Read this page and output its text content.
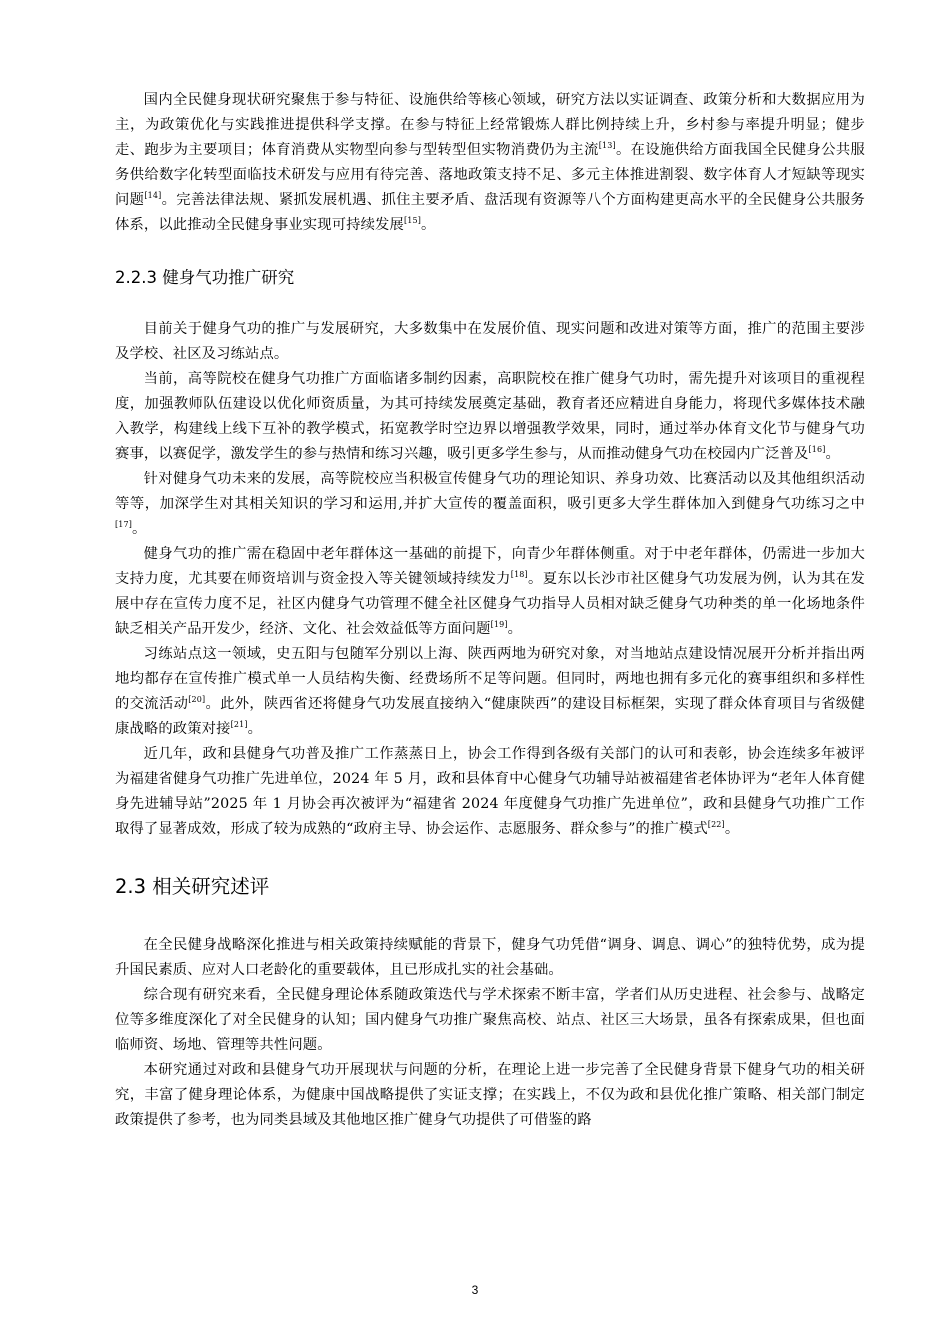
国内全民健身现状研究聚焦于参与特征、设施供给等核心领域，研究方法以实证调查、政策分析和大数据应用为主，为政策优化与实践推进提供科学支撑。在参与特征上经常锻炼人群比例持续上升，乡村参与率提升明显；健步走、跑步为主要项目；体育消费从实物型向参与型转型但实物消费仍为主流[13]。在设施供给方面我国全民健身公共服务供给数字化转型面临技术研发与应用有待完善、落地政策支持不足、多元主体推进割裂、数字体育人才短缺等现实问题[14]。完善法律法规、紧抓发展机遇、抓住主要矛盾、盘活现有资源等八个方面构建更高水平的全民健身公共服务体系，以此推动全民健身事业实现可持续发展[15]。

2.2.3 健身气功推广研究

目前关于健身气功的推广与发展研究，大多数集中在发展价值、现实问题和改进对策等方面，推广的范围主要涉及学校、社区及习练站点。

当前，高等院校在健身气功推广方面临诸多制约因素，高职院校在推广健身气功时，需先提升对该项目的重视程度，加强教师队伍建设以优化师资质量，为其可持续发展奠定基础，教育者还应精进自身能力，将现代多媒体技术融入教学，构建线上线下互补的教学模式，拓宽教学时空边界以增强教学效果，同时，通过举办体育文化节与健身气功赛事，以赛促学，激发学生的参与热情和练习兴趣，吸引更多学生参与，从而推动健身气功在校园内广泛普及[16]。

针对健身气功未来的发展，高等院校应当积极宣传健身气功的理论知识、养身功效、比赛活动以及其他组织活动等等，加深学生对其相关知识的学习和运用,并扩大宣传的覆盖面积，吸引更多大学生群体加入到健身气功练习之中[17]。

健身气功的推广需在稳固中老年群体这一基础的前提下，向青少年群体侧重。对于中老年群体，仍需进一步加大支持力度，尤其要在师资培训与资金投入等关键领域持续发力[18]。夏东以长沙市社区健身气功发展为例，认为其在发展中存在宣传力度不足，社区内健身气功管理不健全社区健身气功指导人员相对缺乏健身气功种类的单一化场地条件缺乏相关产品开发少，经济、文化、社会效益低等方面问题[19]。

习练站点这一领域，史五阳与包随军分别以上海、陕西两地为研究对象，对当地站点建设情况展开分析并指出两地均都存在宣传推广模式单一人员结构失衡、经费场所不足等问题。但同时，两地也拥有多元化的赛事组织和多样性的交流活动[20]。此外，陕西省还将健身气功发展直接纳入“健康陕西”的建设目标框架，实现了群众体育项目与省级健康战略的政策对接[21]。

近几年，政和县健身气功普及推广工作蒸蒸日上，协会工作得到各级有关部门的认可和表彰，协会连续多年被评为福建省健身气功推广先进单位，2024 年 5 月，政和县体育中心健身气功辅导站被福建省老体协评为“老年人体育健身先进辅导站”2025 年 1 月协会再次被评为“福建省 2024 年度健身气功推广先进单位”，政和县健身气功推广工作取得了显著成效，形成了较为成熟的“政府主导、协会运作、志愿服务、群众参与”的推广模式[22]。

2.3 相关研究述评

在全民健身战略深化推进与相关政策持续赋能的背景下，健身气功凭借“调身、调息、调心”的独特优势，成为提升国民素质、应对人口老龄化的重要载体，且已形成扎实的社会基础。

综合现有研究来看，全民健身理论体系随政策迭代与学术探索不断丰富，学者们从历史进程、社会参与、战略定位等多维度深化了对全民健身的认知；国内健身气功推广聚焦高校、站点、社区三大场景，虽各有探索成果，但也面临师资、场地、管理等共性问题。

本研究通过对政和县健身气功开展现状与问题的分析，在理论上进一步完善了全民健身背景下健身气功的相关研究，丰富了健身理论体系，为健康中国战略提供了实证支撑；在实践上，不仅为政和县优化推广策略、相关部门制定政策提供了参考，也为同类县域及其他地区推广健身气功提供了可借鉴的路

3
